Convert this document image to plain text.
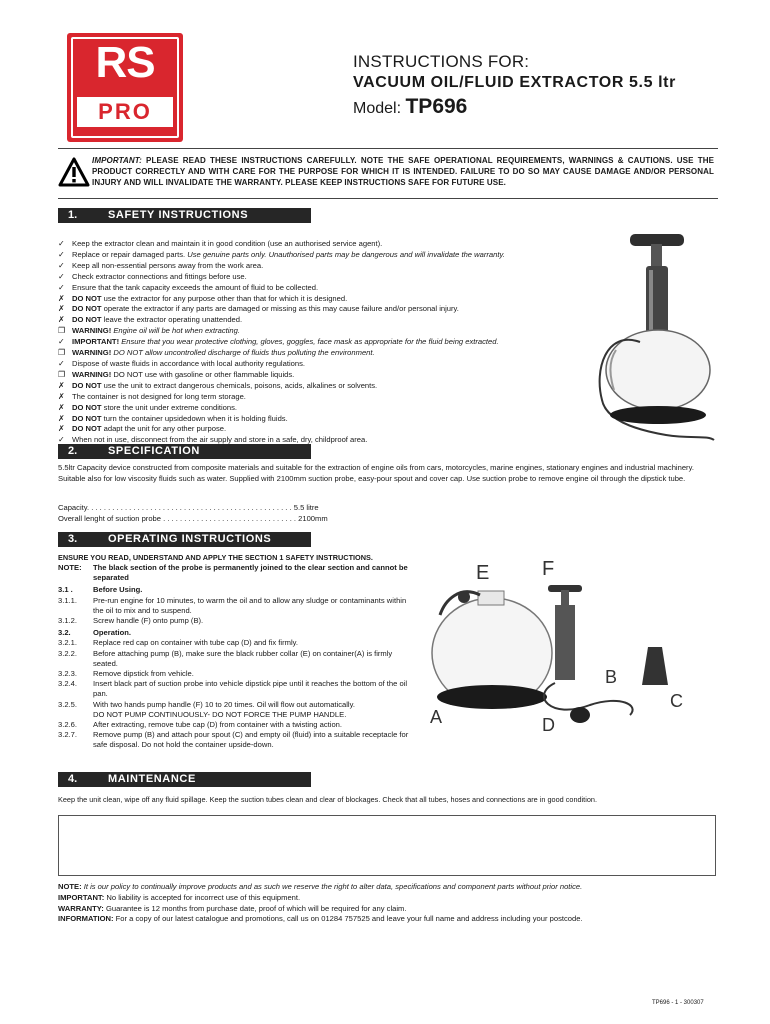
RS
PRO
INSTRUCTIONS FOR:
VACUUM OIL/FLUID EXTRACTOR 5.5 ltr
Model: TP696
IMPORTANT: PLEASE READ THESE INSTRUCTIONS CAREFULLY. NOTE THE SAFE OPERATIONAL REQUIREMENTS, WARNINGS & CAUTIONS. USE THE PRODUCT CORRECTLY AND WITH CARE FOR THE PURPOSE FOR WHICH IT IS INTENDED. FAILURE TO DO SO MAY CAUSE DAMAGE AND/OR PERSONAL INJURY AND WILL INVALIDATE THE WARRANTY. PLEASE KEEP INSTRUCTIONS SAFE FOR FUTURE USE.
1.	SAFETY INSTRUCTIONS
✓ Keep the extractor clean and maintain it in good condition (use an authorised service agent).
✓ Replace or repair damaged parts. Use genuine parts only. Unauthorised parts may be dangerous and will invalidate the warranty.
✓ Keep all non-essential persons away from the work area.
✓ Check extractor connections and fittings before use.
✓ Ensure that the tank capacity exceeds the amount of fluid to be collected.
✗ DO NOT use the extractor for any purpose other than that for which it is designed.
✗ DO NOT operate the extractor if any parts are damaged or missing as this may cause failure and/or personal injury.
✗ DO NOT leave the extractor operating unattended.
❐ WARNING! Engine oil will be hot when extracting.
✓ IMPORTANT! Ensure that you wear protective clothing, gloves, goggles, face mask as appropriate for the fluid being extracted.
❐ WARNING! DO NOT allow uncontrolled discharge of fluids thus polluting the environment.
✓ Dispose of waste fluids in accordance with local authority regulations.
❐ WARNING! DO NOT use with gasoline or other flammable liquids.
✗ DO NOT use the unit to extract dangerous chemicals, poisons, acids, alkalines or solvents.
✗ The container is not designed for long term storage.
✗ DO NOT store the unit under extreme conditions.
✗ DO NOT turn the container upsidedown when it is holding fluids.
✗ DO NOT adapt the unit for any other purpose.
✓ When not in use, disconnect from the air supply and store in a safe, dry, childproof area.
2.	SPECIFICATION
5.5ltr Capacity device constructed from composite materials and suitable for the extraction of engine oils from cars, motorcycles, marine engines, stationary engines and industrial machinery. Suitable also for low viscosity fluids such as water. Supplied with 2100mm suction probe, easy-pour spout and cover cap. Use suction probe to remove engine oil through the dipstick tube.
Capacity. . . . . . . . . . . . . . . . . . . . . . . . . . . . . . . . . . . . . . . . . . . . . . . . . 5.5 litre
Overall lenght of suction probe . . . . . . . . . . . . . . . . . . . . . . . . . . . . . . . . 2100mm
3.	OPERATING INSTRUCTIONS
ENSURE YOU READ, UNDERSTAND AND APPLY THE SECTION 1 SAFETY INSTRUCTIONS.
NOTE:	The black section of the probe is permanently joined to the clear section and cannot be separated
3.1 .	Before Using.
3.1.1.	Pre-run engine for 10 minutes, to warm the oil and to allow any sludge or contaminants within the oil to mix and to suspend.
3.1.2.	Screw handle (F) onto pump (B).
3.2.	Operation.
3.2.1.	Replace red cap on container with tube cap (D) and fix firmly.
3.2.2.	Before attaching pump (B), make sure the black rubber collar (E) on container(A) is firmly seated.
3.2.3.	Remove dipstick from vehicle.
3.2.4.	Insert black part of suction probe into vehicle dipstick pipe until it reaches the bottom of the oil pan.
3.2.5.	With two hands pump handle (F) 10 to 20 times. Oil will flow out automatically.
DO NOT PUMP CONTINUOUSLY- DO NOT FORCE THE PUMP HANDLE.
3.2.6.	After extracting, remove tube cap (D) from container with a twisting action.
3.2.7.	Remove pump (B) and attach pour spout (C) and empty oil (fluid) into a suitable receptacle for safe disposal. Do not hold the container upside-down.
E	F
B
C
A	D
4.	MAINTENANCE
Keep the unit clean, wipe off any fluid spillage. Keep the suction tubes clean and clear of blockages. Check that all tubes, hoses and connections are in good condition.
NOTE: It is our policy to continually improve products and as such we reserve the right to alter data, specifications and component parts without prior notice.
IMPORTANT: No liability is accepted for incorrect use of this equipment.
WARRANTY: Guarantee is 12 months from purchase date, proof of which will be required for any claim.
INFORMATION: For a copy of our latest catalogue and promotions, call us on 01284 757525 and leave your full name and address including your postcode.
TP696 - 1 - 300307
